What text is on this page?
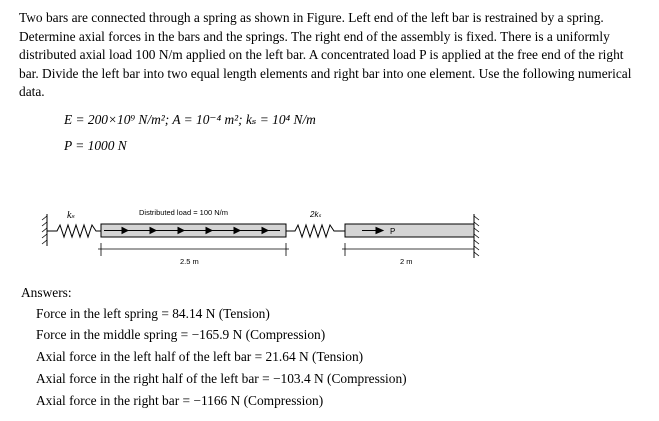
Two bars are connected through a spring as shown in Figure. Left end of the left bar is restrained by a spring. Determine axial forces in the bars and the springs. The right end of the assembly is fixed. There is a uniformly distributed axial load 100 N/m applied on the left bar. A concentrated load P is applied at the free end of the right bar. Divide the left bar into two equal length elements and right bar into one element. Use the following numerical data.

E = 200×10⁹ N/m²; A = 10⁻⁴ m²; kₛ = 10⁴ N/m
P = 1000 N
kₛ	Distributed load = 100 N/m	2kₛ
P
2.5 m	2 m
Answers:
Force in the left spring = 84.14 N (Tension)
Force in the middle spring = −165.9 N (Compression)
Axial force in the left half of the left bar = 21.64 N (Tension)
Axial force in the right half of the left bar = −103.4 N (Compression)
Axial force in the right bar = −1166 N (Compression)
